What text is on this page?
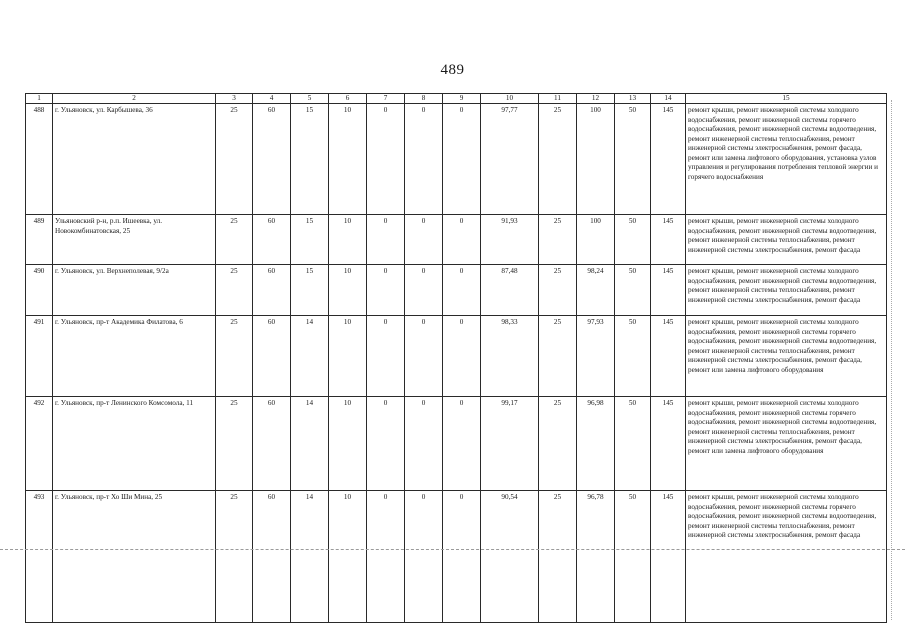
489
1	2	3	4	5	6	7	8	9	10	11	12	13	14	15
488	г. Ульяновск, ул. Карбышева, 36	25	60	15	10	0	0	0	97,77	25	100	50	145	ремонт крыши, ремонт инженерной системы холодного водоснабжения, ремонт инженерной системы горячего водоснабжения, ремонт инженерной системы водоотведения, ремонт инженерной системы теплоснабжения, ремонт инженерной системы электроснабжения, ремонт фасада, ремонт или замена лифтового оборудования, установка узлов управления и регулирования потребления тепловой энергии и горячего водоснабжения
489	Ульяновский р-н, р.п. Ишеевка, ул. Новокомбинатовская, 25	25	60	15	10	0	0	0	91,93	25	100	50	145	ремонт крыши, ремонт инженерной системы холодного водоснабжения, ремонт инженерной системы водоотведения, ремонт инженерной системы теплоснабжения, ремонт инженерной системы электроснабжения, ремонт фасада
490	г. Ульяновск, ул. Верхнеполевая, 9/2а	25	60	15	10	0	0	0	87,48	25	98,24	50	145	ремонт крыши, ремонт инженерной системы холодного водоснабжения, ремонт инженерной системы водоотведения, ремонт инженерной системы теплоснабжения, ремонт инженерной системы электроснабжения, ремонт фасада
491	г. Ульяновск, пр-т Академика Филатова, 6	25	60	14	10	0	0	0	98,33	25	97,93	50	145	ремонт крыши, ремонт инженерной системы холодного водоснабжения, ремонт инженерной системы горячего водоснабжения, ремонт инженерной системы водоотведения, ремонт инженерной системы теплоснабжения, ремонт инженерной системы электроснабжения, ремонт фасада, ремонт или замена лифтового оборудования
492	г. Ульяновск, пр-т Ленинского Комсомола, 11	25	60	14	10	0	0	0	99,17	25	96,98	50	145	ремонт крыши, ремонт инженерной системы холодного водоснабжения, ремонт инженерной системы горячего водоснабжения, ремонт инженерной системы водоотведения, ремонт инженерной системы теплоснабжения, ремонт инженерной системы электроснабжения, ремонт фасада, ремонт или замена лифтового оборудования
493	г. Ульяновск, пр-т Хо Ши Мина, 25	25	60	14	10	0	0	0	90,54	25	96,78	50	145	ремонт крыши, ремонт инженерной системы холодного водоснабжения, ремонт инженерной системы горячего водоснабжения, ремонт инженерной системы водоотведения, ремонт инженерной системы теплоснабжения, ремонт инженерной системы электроснабжения, ремонт фасада
